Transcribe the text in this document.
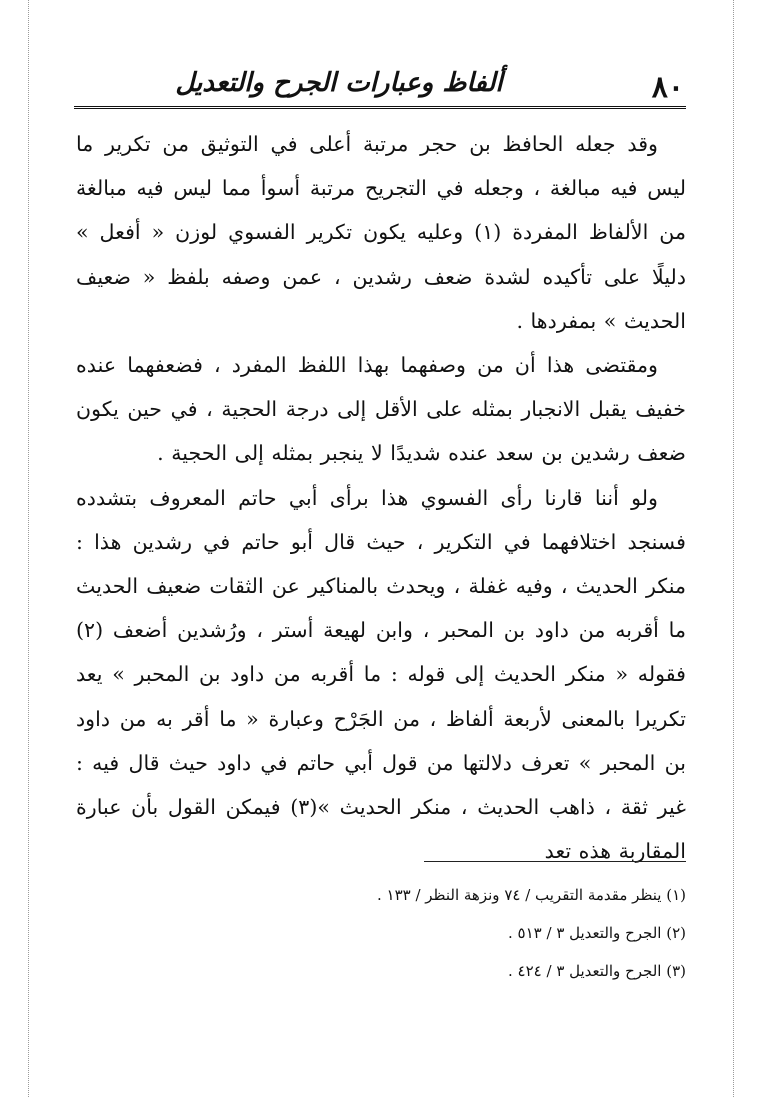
٨٠
ألفاظ وعبارات الجرح والتعديل

وقد جعله الحافظ بن حجر مرتبة أعلى في التوثيق من تكرير ما ليس فيه مبالغة ، وجعله في التجريح مرتبة أسوأ مما ليس فيه مبالغة من الألفاظ المفردة (١) وعليه يكون تكرير الفسوي لوزن « أفعل » دليلًا على تأكيده لشدة ضعف رشدين ، عمن وصفه بلفظ « ضعيف الحديث » بمفردها .

ومقتضى هذا أن من وصفهما بهذا اللفظ المفرد ، فضعفهما عنده خفيف يقبل الانجبار بمثله على الأقل إلى درجة الحجية ، في حين يكون ضعف رشدين بن سعد عنده شديدًا لا ينجبر بمثله إلى الحجية .

ولو أننا قارنا رأى الفسوي هذا برأى أبي حاتم المعروف بتشدده فسنجد اختلافهما في التكرير ، حيث قال أبو حاتم في رشدين هذا : منكر الحديث ، وفيه غفلة ، ويحدث بالمناكير عن الثقات ضعيف الحديث ما أقربه من داود بن المحبر ، وابن لهيعة أستر ، ورُشدين أضعف (٢) فقوله « منكر الحديث إلى قوله : ما أقربه من داود بن المحبر » يعد تكريرا بالمعنى لأربعة ألفاظ ، من الجَرْح وعبارة « ما أقر به من داود بن المحبر » تعرف دلالتها من قول أبي حاتم في داود حيث قال فيه : غير ثقة ، ذاهب الحديث ، منكر الحديث »(٣) فيمكن القول بأن عبارة المقاربة هذه تعد

(١) ينظر مقدمة التقريب / ٧٤ ونزهة النظر / ١٣٣ .

(٢) الجرح والتعديل ٣ / ٥١٣ .

(٣) الجرح والتعديل ٣ / ٤٢٤ .
